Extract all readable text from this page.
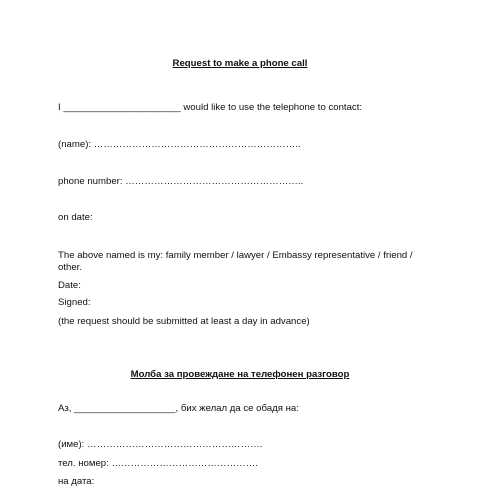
Request to make a phone call
I ______________________ would like to use the telephone to contact:
(name): ………………………………………………………..
phone number: ………………………………………………..
on date:
The above named is my: family member / lawyer / Embassy representative / friend / other.
Date:
Signed:
(the request should be submitted at least a day in advance)
Молба за провеждане на телефонен разговор
Аз, ___________________, бих желал да се обадя на:
(име): ……………………………………………….
тел. номер: ……………………………………….
на дата:
